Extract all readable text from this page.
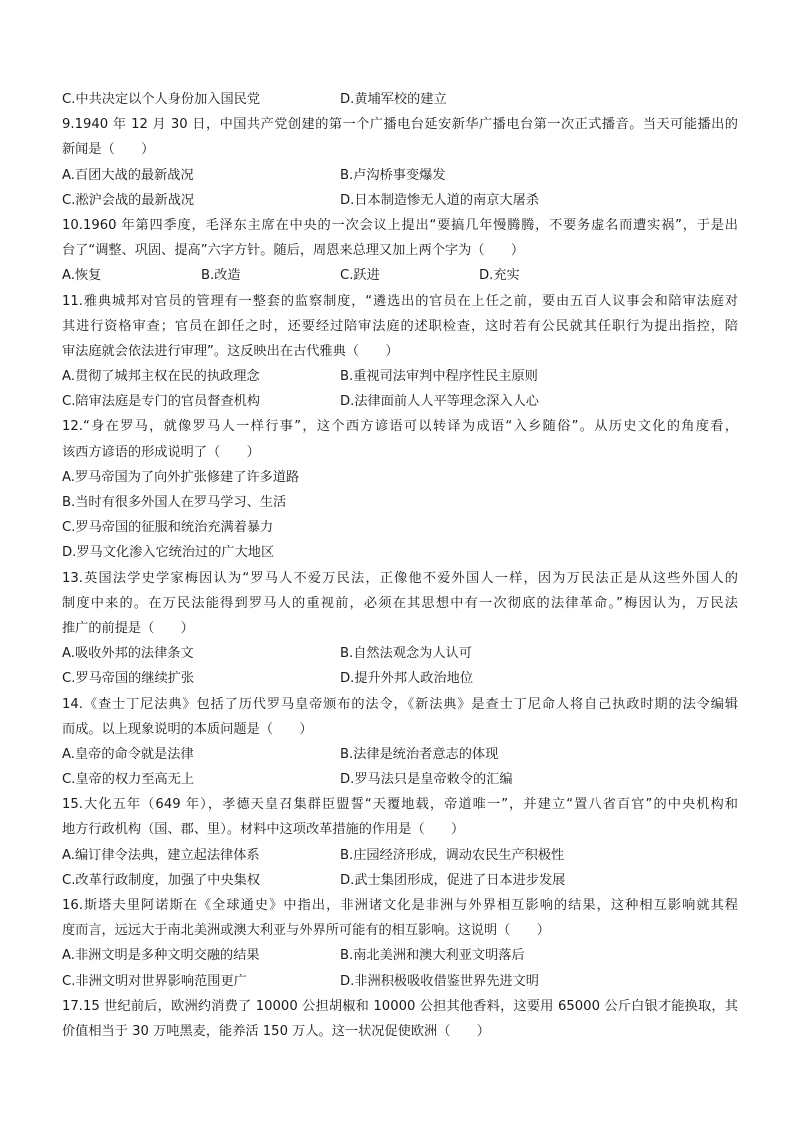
C.中共决定以个人身份加入国民党	D.黄埔军校的建立
9.1940 年 12 月 30 日，中国共产党创建的第一个广播电台延安新华广播电台第一次正式播音。当天可能播出的
新闻是（　　）
A.百团大战的最新战况	B.卢沟桥事变爆发
C.淞沪会战的最新战况	D.日本制造惨无人道的南京大屠杀
10.1960 年第四季度，毛泽东主席在中央的一次会议上提出“要搞几年慢腾腾，不要务虚名而遭实祸”，于是出
台了“调整、巩固、提高”六字方针。随后，周恩来总理又加上两个字为（　　）
A.恢复	B.改造	C.跃进	D.充实
11.雅典城邦对官员的管理有一整套的监察制度，“遴选出的官员在上任之前，要由五百人议事会和陪审法庭对
其进行资格审查；官员在卸任之时，还要经过陪审法庭的述职检查，这时若有公民就其任职行为提出指控，陪
审法庭就会依法进行审理”。这反映出在古代雅典（　　）
A.贯彻了城邦主权在民的执政理念	B.重视司法审判中程序性民主原则
C.陪审法庭是专门的官员督查机构	D.法律面前人人平等理念深入人心
12.“身在罗马，就像罗马人一样行事”，这个西方谚语可以转译为成语“入乡随俗”。从历史文化的角度看，
该西方谚语的形成说明了（　　）
A.罗马帝国为了向外扩张修建了许多道路
B.当时有很多外国人在罗马学习、生活
C.罗马帝国的征服和统治充满着暴力
D.罗马文化渗入它统治过的广大地区
13.英国法学史学家梅因认为“罗马人不爱万民法，正像他不爱外国人一样，因为万民法正是从这些外国人的
制度中来的。在万民法能得到罗马人的重视前，必须在其思想中有一次彻底的法律革命。”梅因认为，万民法
推广的前提是（　　）
A.吸收外邦的法律条文	B.自然法观念为人认可
C.罗马帝国的继续扩张	D.提升外邦人政治地位
14.《查士丁尼法典》包括了历代罗马皇帝颁布的法令，《新法典》是查士丁尼命人将自己执政时期的法令编辑
而成。以上现象说明的本质问题是（　　）
A.皇帝的命令就是法律	B.法律是统治者意志的体现
C.皇帝的权力至高无上	D.罗马法只是皇帝敕令的汇编
15.大化五年（649 年），孝德天皇召集群臣盟誓“天覆地载，帝道唯一”，并建立“置八省百官”的中央机构和
地方行政机构（国、郡、里）。材料中这项改革措施的作用是（　　）
A.编订律令法典，建立起法律体系	B.庄园经济形成，调动农民生产积极性
C.改革行政制度，加强了中央集权	D.武士集团形成，促进了日本进步发展
16.斯塔夫里阿诺斯在《全球通史》中指出，非洲诸文化是非洲与外界相互影响的结果，这种相互影响就其程
度而言，远远大于南北美洲或澳大利亚与外界所可能有的相互影响。这说明（　　）
A.非洲文明是多种文明交融的结果	B.南北美洲和澳大利亚文明落后
C.非洲文明对世界影响范围更广	D.非洲积极吸收借鉴世界先进文明
17.15 世纪前后，欧洲约消费了 10000 公担胡椒和 10000 公担其他香料，这要用 65000 公斤白银才能换取，其
价值相当于 30 万吨黑麦，能养活 150 万人。这一状况促使欧洲（　　）
